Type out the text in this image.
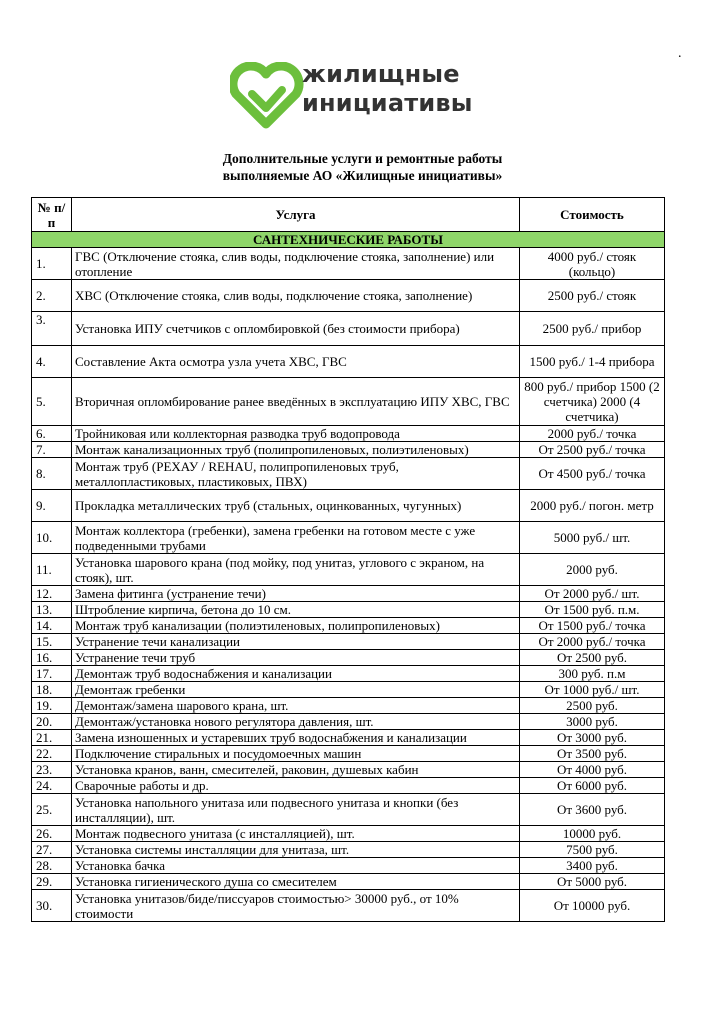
.
жилищные
инициативы
Дополнительные услуги и ремонтные работы
выполняемые АО «Жилищные инициативы»
№ п/п	Услуга	Стоимость
САНТЕХНИЧЕСКИЕ РАБОТЫ		
1.	ГВС (Отключение стояка, слив воды, подключение стояка, заполнение) или отопление	4000 руб./ стояк (кольцо)
2.	ХВС (Отключение стояка, слив воды, подключение стояка, заполнение)	2500 руб./ стояк
3.	Установка ИПУ счетчиков с опломбировкой (без стоимости прибора)	2500 руб./ прибор
4.	Составление Акта осмотра узла учета ХВС, ГВС	1500 руб./ 1-4 прибора
5.	Вторичная опломбирование ранее введённых в эксплуатацию ИПУ ХВС, ГВС	800 руб./ прибор 1500 (2 счетчика) 2000 (4 счетчика)
6.	Тройниковая или коллекторная разводка труб водопровода	2000 руб./ точка
7.	Монтаж канализационных труб (полипропиленовых, полиэтиленовых)	От 2500 руб./ точка
8.	Монтаж труб (РЕХАУ / REHAU, полипропиленовых труб, металлопластиковых, пластиковых, ПВХ)	От 4500 руб./ точка
9.	Прокладка металлических труб (стальных, оцинкованных, чугунных)	2000 руб./ погон. метр
10.	Монтаж коллектора (гребенки), замена гребенки на готовом месте с уже подведенными трубами	5000 руб./ шт.
11.	Установка шарового крана (под мойку, под унитаз, углового с экраном, на стояк), шт.	2000 руб.
12.	Замена фитинга (устранение течи)	От 2000 руб./ шт.
13.	Штробление кирпича, бетона до 10 см.	От 1500 руб. п.м.
14.	Монтаж труб канализации (полиэтиленовых, полипропиленовых)	От 1500 руб./ точка
15.	Устранение течи канализации	От 2000 руб./ точка
16.	Устранение течи труб	От 2500 руб.
17.	Демонтаж труб водоснабжения и канализации	300 руб. п.м
18.	Демонтаж гребенки	От 1000 руб./ шт.
19.	Демонтаж/замена шарового крана, шт.	2500 руб.
20.	Демонтаж/установка нового регулятора давления, шт.	3000 руб.
21.	Замена изношенных и устаревших труб водоснабжения и канализации	От 3000 руб.
22.	Подключение стиральных и посудомоечных машин	От 3500 руб.
23.	Установка кранов, ванн, смесителей, раковин, душевых кабин	От 4000 руб.
24.	Сварочные работы и др.	От 6000 руб.
25.	Установка напольного унитаза или подвесного унитаза и кнопки (без инсталляции), шт.	От 3600 руб.
26.	Монтаж подвесного унитаза (с инсталляцией), шт.	10000 руб.
27.	Установка системы инсталляции для унитаза, шт.	7500 руб.
28.	Установка бачка	3400 руб.
29.	Установка гигиенического душа со смесителем	От 5000 руб.
30.	Установка унитазов/биде/писсуаров стоимостью> 30000 руб., от 10% стоимости	От 10000 руб.
